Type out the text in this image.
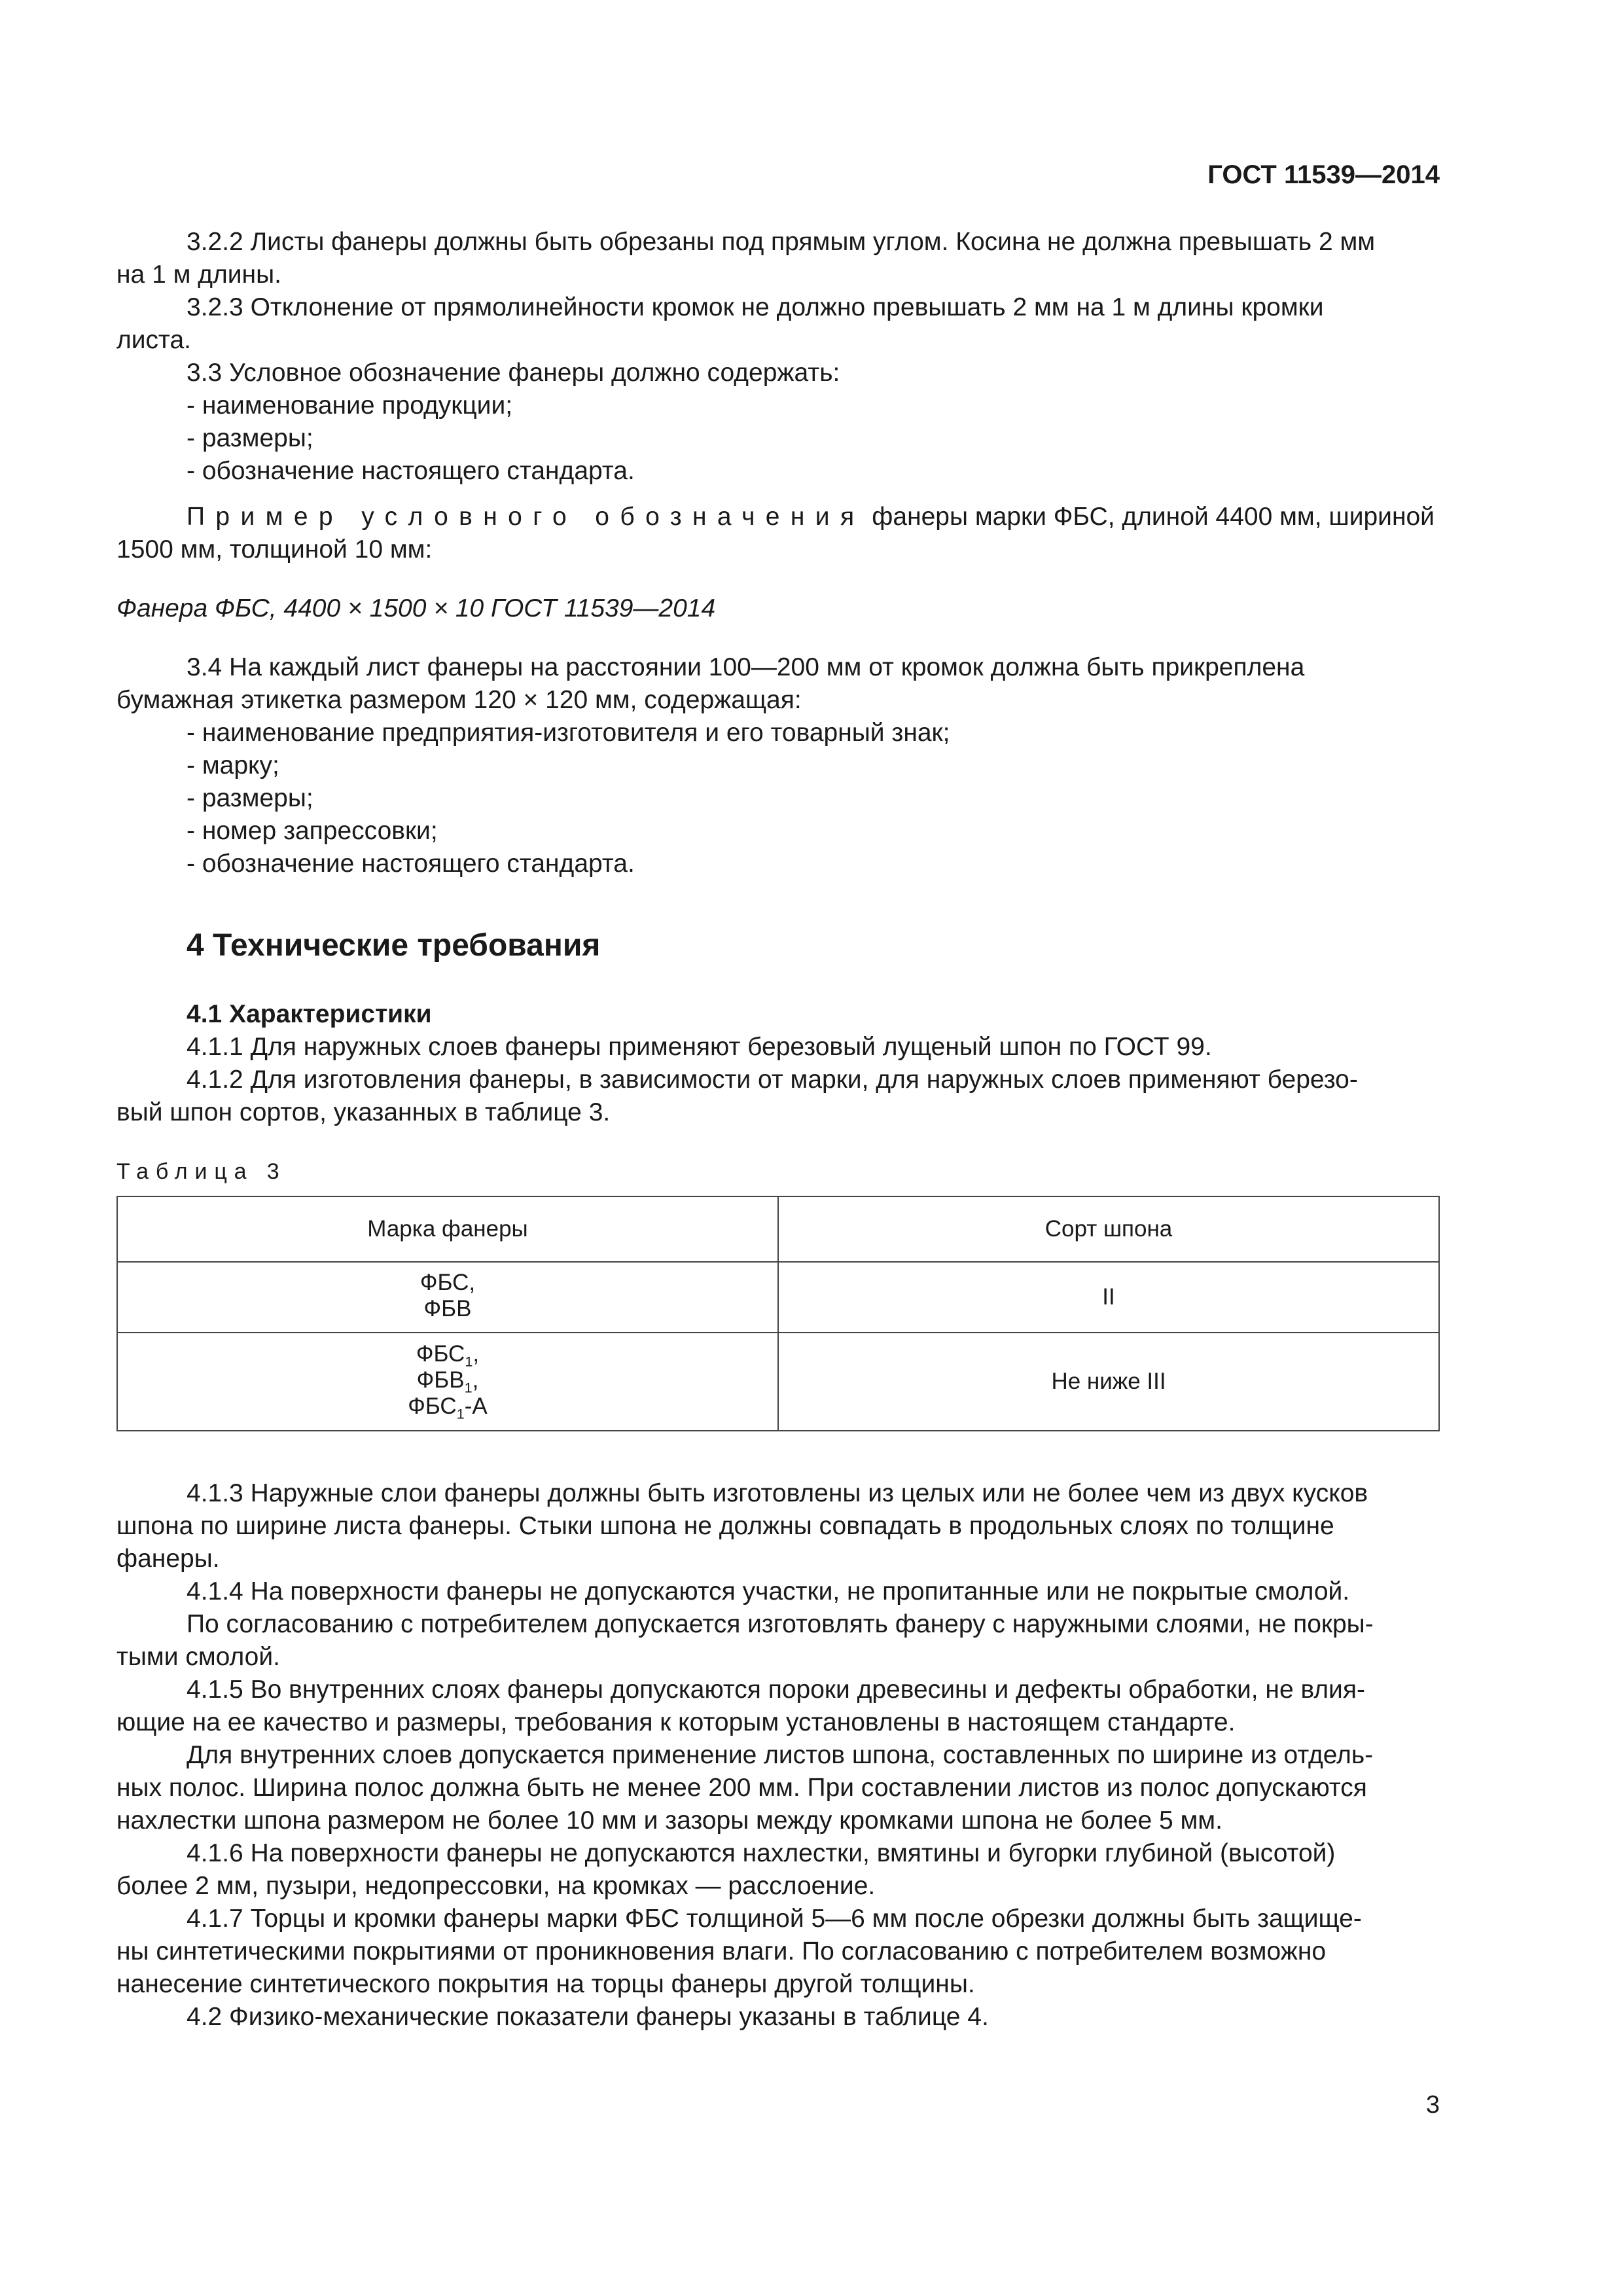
ГОСТ 11539—2014

3.2.2 Листы фанеры должны быть обрезаны под прямым углом. Косина не должна превышать 2 мм

на 1 м длины.

3.2.3 Отклонение от прямолинейности кромок не должно превышать 2 мм на 1 м длины кромки

листа.

3.3 Условное обозначение фанеры должно содержать:

- наименование продукции;

- размеры;

- обозначение настоящего стандарта.

Пример условного обозначения фанеры марки ФБС, длиной 4400 мм, шириной

1500 мм, толщиной 10 мм:

Фанера ФБС, 4400 × 1500 × 10 ГОСТ 11539—2014

3.4 На каждый лист фанеры на расстоянии 100—200 мм от кромок должна быть прикреплена

бумажная этикетка размером 120 × 120 мм, содержащая:

- наименование предприятия-изготовителя и его товарный знак;

- марку;

- размеры;

- номер запрессовки;

- обозначение настоящего стандарта.

4 Технические требования
4.1 Характеристики

4.1.1 Для наружных слоев фанеры применяют березовый лущеный шпон по ГОСТ 99.

4.1.2 Для изготовления фанеры, в зависимости от марки, для наружных слоев применяют березо-

вый шпон сортов, указанных в таблице 3.

Таблица 3

Марка фанеры	Сорт шпона
ФБС,
ФБВ	II
$ФБС_1$,
$ФБВ_1$,
$ФБС_1-А$	Не ниже III

4.1.3 Наружные слои фанеры должны быть изготовлены из целых или не более чем из двух кусков

шпона по ширине листа фанеры. Стыки шпона не должны совпадать в продольных слоях по толщине

фанеры.

4.1.4 На поверхности фанеры не допускаются участки, не пропитанные или не покрытые смолой.

По согласованию с потребителем допускается изготовлять фанеру с наружными слоями, не покры-

тыми смолой.

4.1.5 Во внутренних слоях фанеры допускаются пороки древесины и дефекты обработки, не влия-

ющие на ее качество и размеры, требования к которым установлены в настоящем стандарте.

Для внутренних слоев допускается применение листов шпона, составленных по ширине из отдель-

ных полос. Ширина полос должна быть не менее 200 мм. При составлении листов из полос допускаются

нахлестки шпона размером не более 10 мм и зазоры между кромками шпона не более 5 мм.

4.1.6 На поверхности фанеры не допускаются нахлестки, вмятины и бугорки глубиной (высотой)

более 2 мм, пузыри, недопрессовки, на кромках — расслоение.

4.1.7 Торцы и кромки фанеры марки ФБС толщиной 5—6 мм после обрезки должны быть защище-

ны синтетическими покрытиями от проникновения влаги. По согласованию с потребителем возможно

нанесение синтетического покрытия на торцы фанеры другой толщины.

4.2 Физико-механические показатели фанеры указаны в таблице 4.

3
